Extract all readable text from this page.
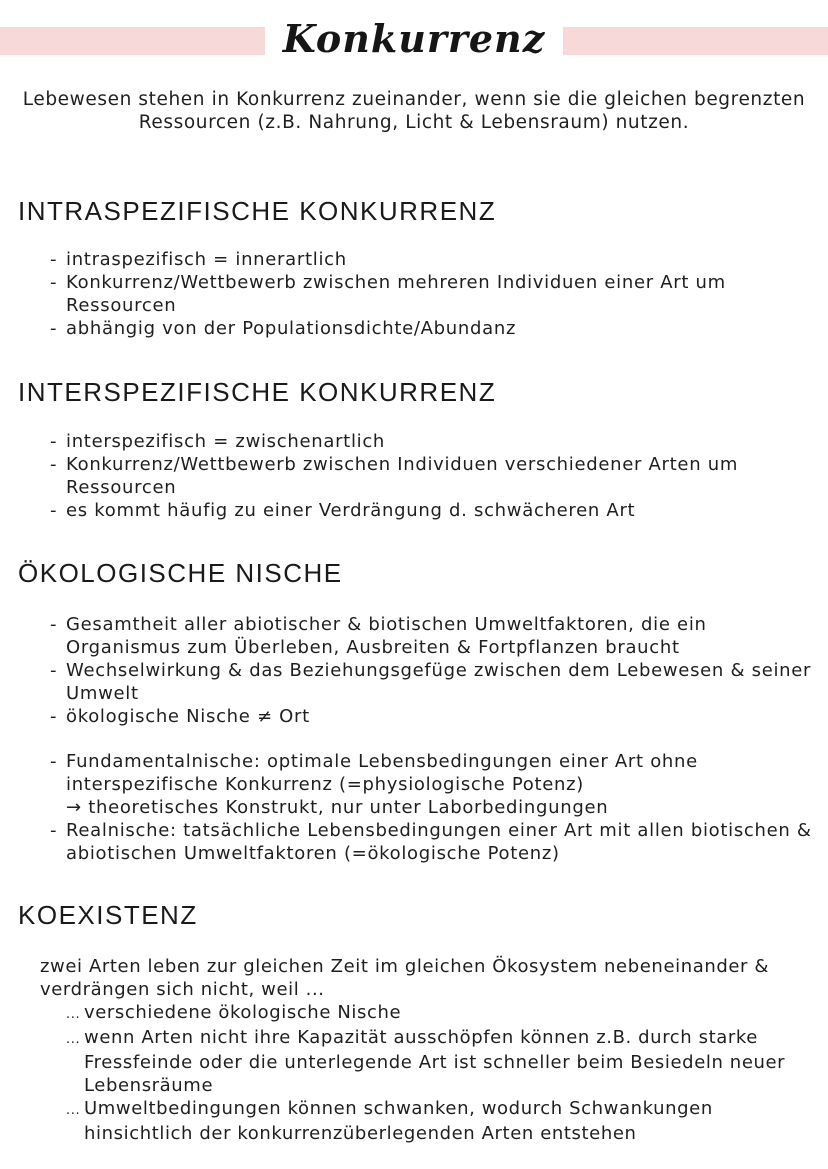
Konkurrenz

Lebewesen stehen in Konkurrenz zueinander, wenn sie die gleichen begrenzten Ressourcen (z.B. Nahrung, Licht & Lebensraum) nutzen.

INTRASPEZIFISCHE KONKURRENZ
- intraspezifisch = innerartlich
- Konkurrenz/Wettbewerb zwischen mehreren Individuen einer Art um Ressourcen
- abhängig von der Populationsdichte/Abundanz
INTERSPEZIFISCHE KONKURRENZ
- interspezifisch = zwischenartlich
- Konkurrenz/Wettbewerb zwischen Individuen verschiedener Arten um Ressourcen
- es kommt häufig zu einer Verdrängung d. schwächeren Art
ÖKOLOGISCHE NISCHE
- Gesamtheit aller abiotischer & biotischen Umweltfaktoren, die ein Organismus zum Überleben, Ausbreiten & Fortpflanzen braucht
- Wechselwirkung & das Beziehungsgefüge zwischen dem Lebewesen & seiner Umwelt
- ökologische Nische ≠ Ort
- Fundamentalnische: optimale Lebensbedingungen einer Art ohne interspezifische Konkurrenz (=physiologische Potenz)
→ theoretisches Konstrukt, nur unter Laborbedingungen
- Realnische: tatsächliche Lebensbedingungen einer Art mit allen biotischen & abiotischen Umweltfaktoren (=ökologische Potenz)
KOEXISTENZ

zwei Arten leben zur gleichen Zeit im gleichen Ökosystem nebeneinander & verdrängen sich nicht, weil ...

... verschiedene ökologische Nische
... wenn Arten nicht ihre Kapazität ausschöpfen können z.B. durch starke Fressfeinde oder die unterlegende Art ist schneller beim Besiedeln neuer Lebensräume
... Umweltbedingungen können schwanken, wodurch Schwankungen hinsichtlich der konkurrenzüberlegenden Arten entstehen
